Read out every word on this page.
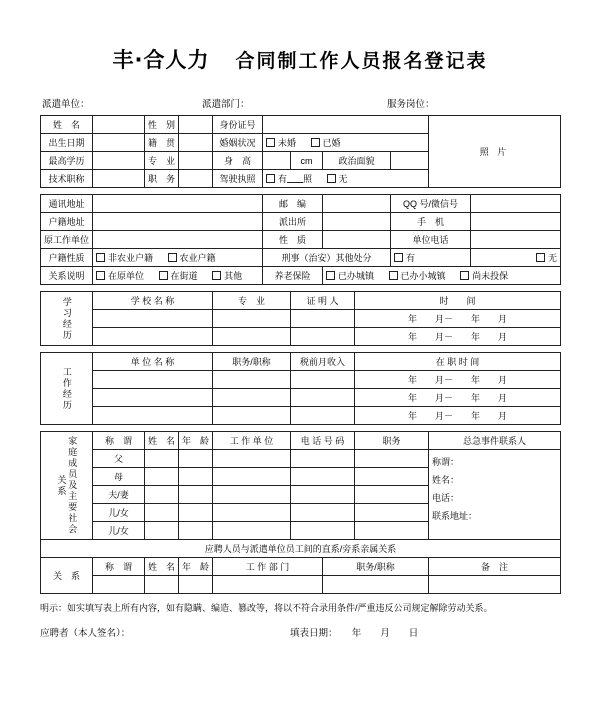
丰·合人力 合同制工作人员报名登记表
派遣单位：	派遣部门：	服务岗位：
姓　名		性　别		身份证号						照 片	
出生日期		籍　贯		婚姻状况	未婚 已婚						
最高学历		专　业		身　高		cm	政治面貌				
技术职称		职　务		驾驶执照	有 照 无						

通讯地址					邮　编				QQ 号/微信号		
户籍地址					派出所				手　机		
原工作单位					性　质				单位电话		
户籍性质	非农业户籍 农业户籍				刑事（治安）其他处分				有		无
关系说明	在原单位 在街道 其他				养老保险		已办城镇 已办小城镇 尚未投保				

学习经历	学 校 名 称			专　业		证 明 人		时　　间			
								年　　月－　　年　　月			
								年　　月－　　年　　月			

工作经历	单 位 名 称			职务/职称		税前月收入		在 职 时 间			
								年　　月－　　年　　月			
								年　　月－　　年　　月			
								年　　月－　　年　　月			

家庭成员及主要社会关系	称　谓	姓　名	年　龄	工 作 单 位		电 话 号 码		职务		总急事件联系人	
	父									称谓：
姓名：
电话：
联系地址：	

	母										
	夫/妻										
	儿/女										
	儿/女										
应聘人员与派遣单位员工间的直系/旁系亲属关系											
关　系	称　谓	姓　名	年　龄	工 作 部 门			职务/职称			备　注	

明示：如实填写表上所有内容，如有隐瞒、编造、篡改等，将以不符合录用条件/严重违反公司规定解除劳动关系。
应聘者（本人签名）：	填表日期：　　年　　月　　日
